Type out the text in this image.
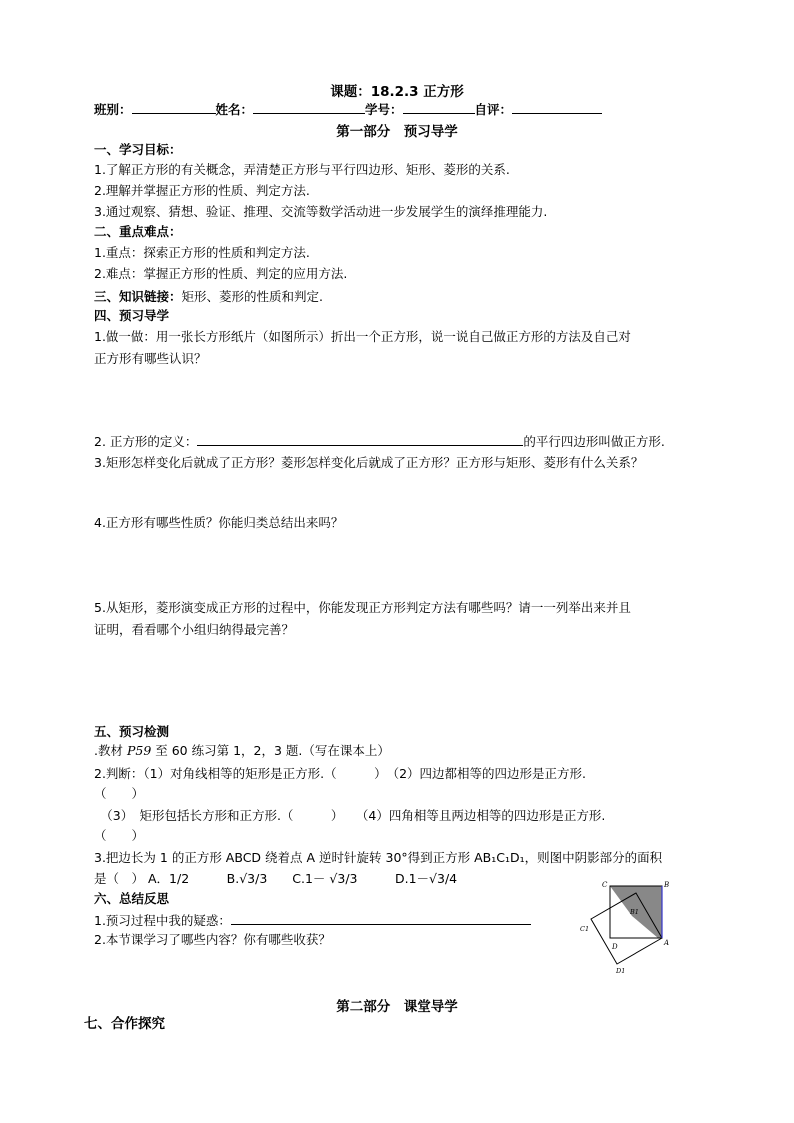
课题：18.2.3 正方形
班别：	姓名：	学号：	自评：
第一部分　预习导学
一、学习目标：
1.了解正方形的有关概念，弄清楚正方形与平行四边形、矩形、菱形的关系.
2.理解并掌握正方形的性质、判定方法.
3.通过观察、猜想、验证、推理、交流等数学活动进一步发展学生的演绎推理能力.
二、重点难点：
1.重点：探索正方形的性质和判定方法.
2.难点：掌握正方形的性质、判定的应用方法.
三、知识链接：矩形、菱形的性质和判定.
四、预习导学
1.做一做：用一张长方形纸片（如图所示）折出一个正方形，说一说自己做正方形的方法及自己对
正方形有哪些认识？
2. 正方形的定义：	的平行四边形叫做正方形.
3.矩形怎样变化后就成了正方形？菱形怎样变化后就成了正方形？正方形与矩形、菱形有什么关系？
4.正方形有哪些性质？你能归类总结出来吗？
5.从矩形，菱形演变成正方形的过程中，你能发现正方形判定方法有哪些吗？请一一列举出来并且
证明，看看哪个小组归纳得最完善？
五、预习检测
.教材 P59 至 60 练习第 1，2，3 题.（写在课本上）
2.判断：（1）对角线相等的矩形是正方形.（　　　）　（2）四边都相等的四边形是正方形.
（　　）
　（3）　矩形包括长方形和正方形.（　　　）　　（4）四角相等且两边相等的四边形是正方形.
（　　）
3.把边长为 1 的正方形 ABCD 绕着点 A 逆时针旋转 30°得到正方形 AB₁C₁D₁，则图中阴影部分的面积
是（　） A．1/2　　　B.√3/3　　C.1－ √3/3　　　D.1－√3/4
六、总结反思
1.预习过程中我的疑惑：
2.本节课学习了哪些内容？你有哪些收获？
C	B
B1
C1
D	A
D1
第二部分　课堂导学
七、合作探究
